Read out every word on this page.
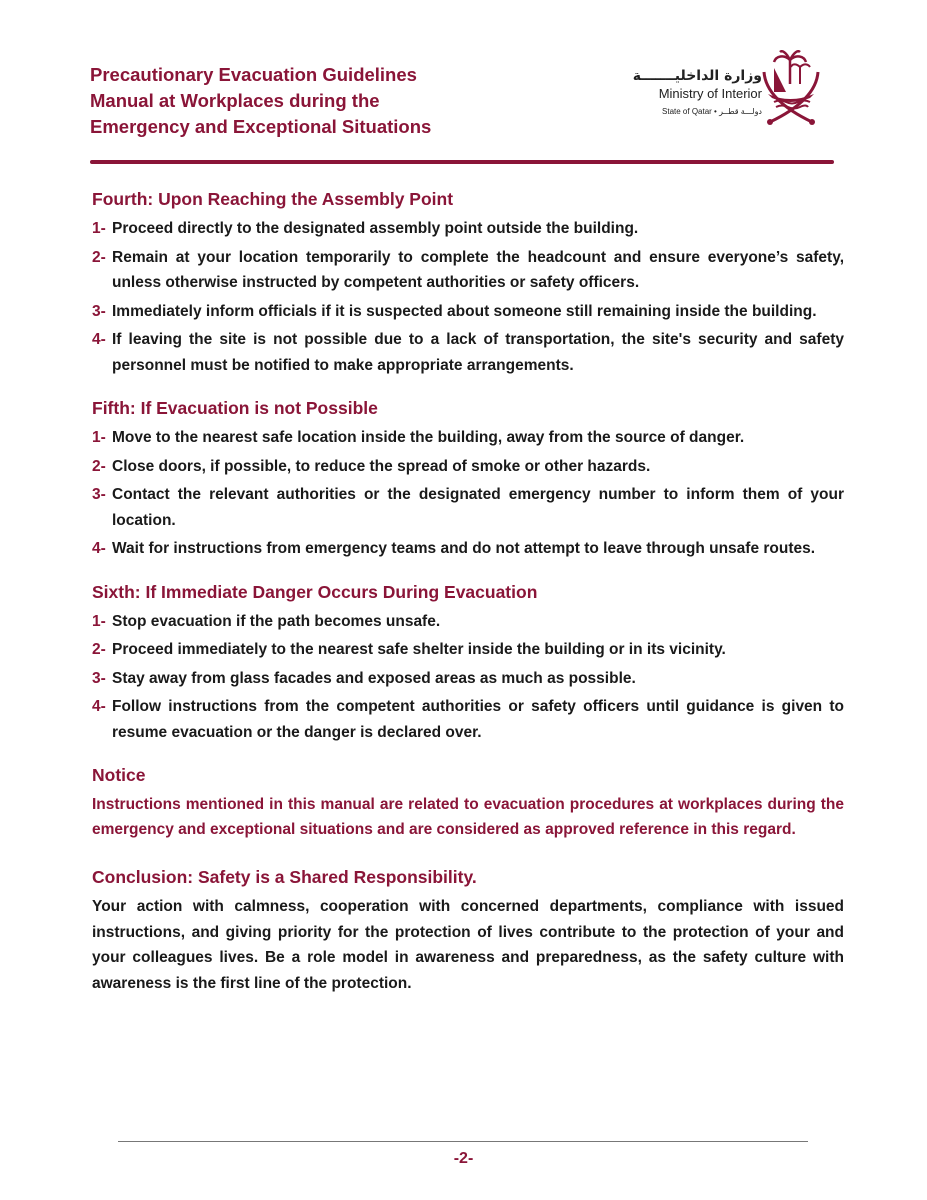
Precautionary Evacuation Guidelines
Manual at Workplaces during the
Emergency and Exceptional Situations
وزارة الداخليـــــــة
Ministry of Interior
State of Qatar • دولـــة قطــر
Fourth: Upon Reaching the Assembly Point
1- Proceed directly to the designated assembly point outside the building.
2- Remain at your location temporarily to complete the headcount and ensure everyone’s safety, unless otherwise instructed by competent authorities or safety officers.
3- Immediately inform officials if it is suspected about someone still remaining inside the building.
4- If leaving the site is not possible due to a lack of transportation, the site's security and safety personnel must be notified to make appropriate arrangements.
Fifth: If Evacuation is not Possible
1- Move to the nearest safe location inside the building, away from the source of danger.
2- Close doors, if possible, to reduce the spread of smoke or other hazards.
3- Contact the relevant authorities or the designated emergency number to inform them of your location.
4- Wait for instructions from emergency teams and do not attempt to leave through unsafe routes.
Sixth: If Immediate Danger Occurs During Evacuation
1- Stop evacuation if the path becomes unsafe.
2- Proceed immediately to the nearest safe shelter inside the building or in its vicinity.
3- Stay away from glass facades and exposed areas as much as possible.
4- Follow instructions from the competent authorities or safety officers until guidance is given to resume evacuation or the danger is declared over.
Notice

Instructions mentioned in this manual are related to evacuation procedures at workplaces during the emergency and exceptional situations and are considered as approved reference in this regard.

Conclusion: Safety is a Shared Responsibility.

Your action with calmness, cooperation with concerned departments, compliance with issued instructions, and giving priority for the protection of lives contribute to the protection of your and your colleagues lives. Be a role model in awareness and preparedness, as the safety culture with awareness is the first line of the protection.

-2-
